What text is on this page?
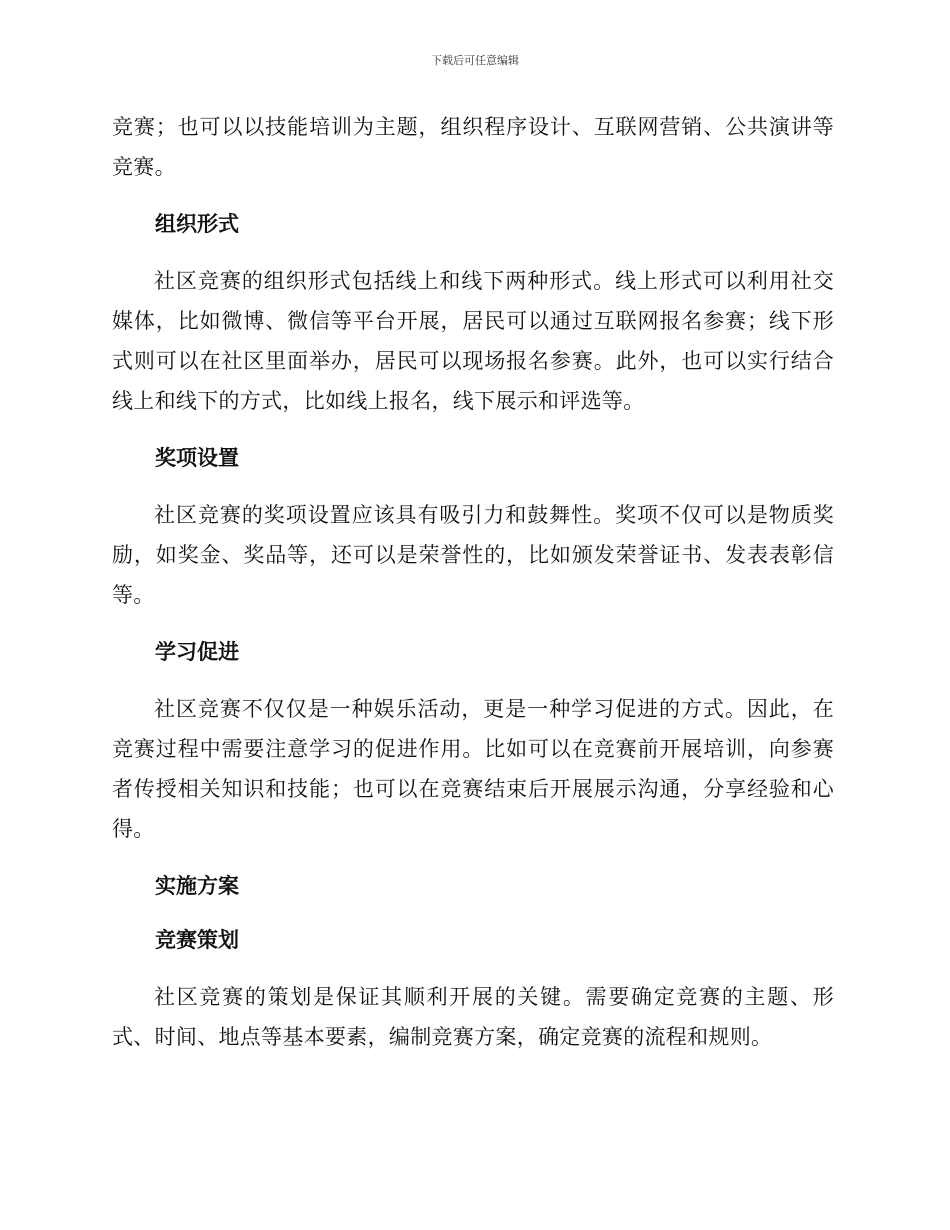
下载后可任意编辑

竞赛；也可以以技能培训为主题，组织程序设计、互联网营销、公共演讲等竞赛。

组织形式

社区竞赛的组织形式包括线上和线下两种形式。线上形式可以利用社交媒体，比如微博、微信等平台开展，居民可以通过互联网报名参赛；线下形式则可以在社区里面举办，居民可以现场报名参赛。此外，也可以实行结合线上和线下的方式，比如线上报名，线下展示和评选等。

奖项设置

社区竞赛的奖项设置应该具有吸引力和鼓舞性。奖项不仅可以是物质奖励，如奖金、奖品等，还可以是荣誉性的，比如颁发荣誉证书、发表表彰信等。

学习促进

社区竞赛不仅仅是一种娱乐活动，更是一种学习促进的方式。因此，在竞赛过程中需要注意学习的促进作用。比如可以在竞赛前开展培训，向参赛者传授相关知识和技能；也可以在竞赛结束后开展展示沟通，分享经验和心得。

实施方案
竞赛策划

社区竞赛的策划是保证其顺利开展的关键。需要确定竞赛的主题、形式、时间、地点等基本要素，编制竞赛方案，确定竞赛的流程和规则。
